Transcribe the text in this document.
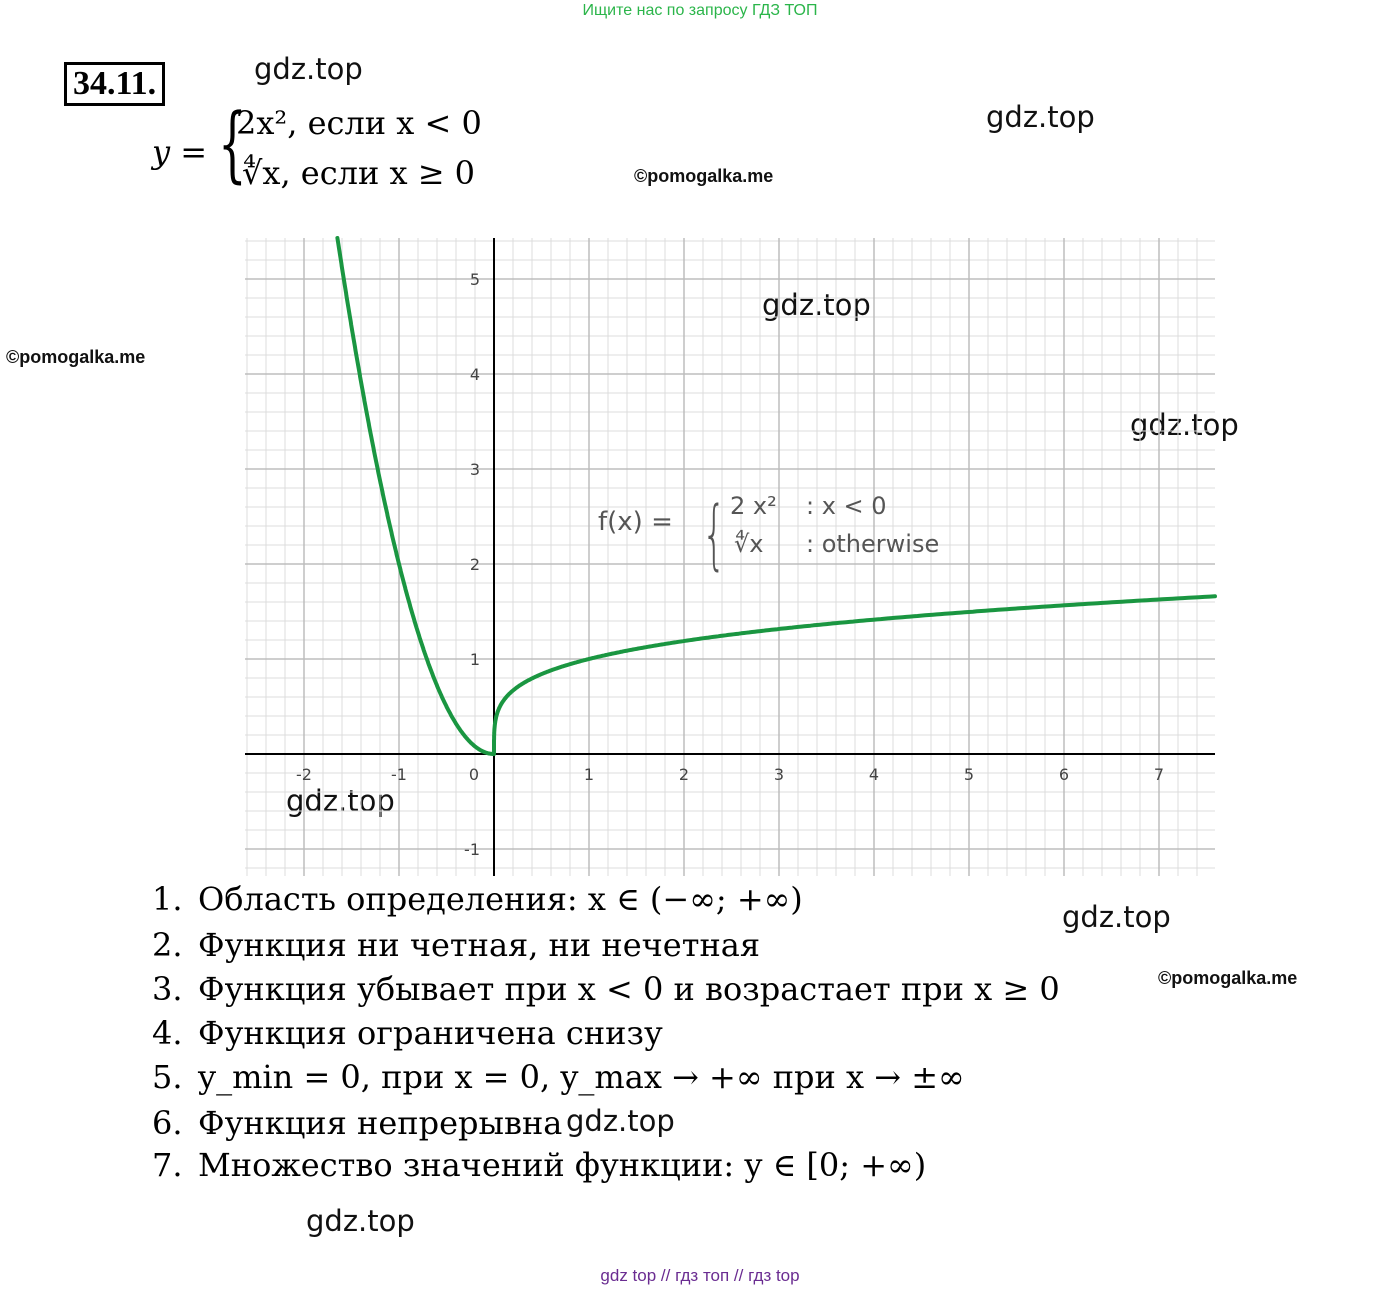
Ищите нас по запросу ГДЗ ТОП
34.11.
y = {
2x², если x < 0
∜x, если x ≥ 0
gdz.top
gdz.top
gdz.top
gdz.top
gdz.top
gdz.top
gdz.top
gdz.top
©pomogalka.me
©pomogalka.me
©pomogalka.me
-2	-1	0	1	2	3	4	5	6	7
5
4
3
2
1
-1
f(x) = { 2 x² : x < 0
∜x : otherwise
1. Область определения: x ∈ (−∞; +∞)
2. Функция ни четная, ни нечетная
3. Функция убывает при x < 0 и возрастает при x ≥ 0
4. Функция ограничена снизу
5. y_min = 0, при x = 0, y_max → +∞ при x → ±∞
6. Функция непрерывна
7. Множество значений функции: y ∈ [0; +∞)
gdz top // гдз топ // гдз top
